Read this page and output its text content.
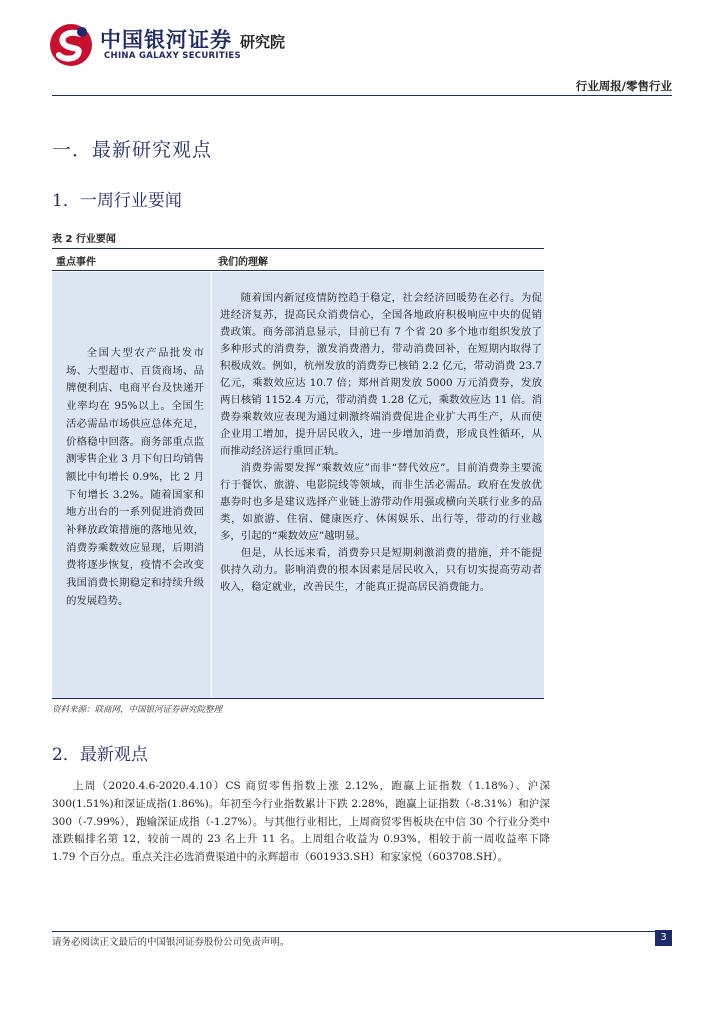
中国银河证券
CHINA GALAXY SECURITIES
研究院
行业周报/零售行业
一．最新研究观点
1．一周行业要闻
表 2 行业要闻
重点事件	我们的理解

全国大型农产品批发市场、大型超市、百货商场、品牌便利店、电商平台及快递开业率均在 95%以上。全国生活必需品市场供应总体充足，价格稳中回落。商务部重点监测零售企业 3 月下旬日均销售额比中旬增长 0.9%，比 2 月下旬增长 3.2%。随着国家和地方出台的一系列促进消费回补释放政策措施的落地见效，消费券乘数效应显现，后期消费将逐步恢复，疫情不会改变我国消费长期稳定和持续升级的发展趋势。

随着国内新冠疫情防控趋于稳定，社会经济回暖势在必行。为促进经济复苏，提高民众消费信心，全国各地政府积极响应中央的促销费政策。商务部消息显示，目前已有 7 个省 20 多个地市组织发放了多种形式的消费券，激发消费潜力，带动消费回补，在短期内取得了积极成效。例如，杭州发放的消费券已核销 2.2 亿元，带动消费 23.7 亿元，乘数效应达 10.7 倍；郑州首期发放 5000 万元消费券，发放两日核销 1152.4 万元，带动消费 1.28 亿元，乘数效应达 11 倍。消费券乘数效应表现为通过刺激终端消费促进企业扩大再生产，从而使企业用工增加，提升居民收入，进一步增加消费，形成良性循环，从而推动经济运行重回正轨。

消费券需要发挥“乘数效应”而非“替代效应”。目前消费券主要流行于餐饮、旅游、电影院线等领域，而非生活必需品。政府在发放优惠券时也多是建议选择产业链上游带动作用强或横向关联行业多的品类，如旅游、住宿、健康医疗、休闲娱乐、出行等，带动的行业越多，引起的“乘数效应”越明显。

但是，从长远来看，消费券只是短期刺激消费的措施，并不能提供持久动力。影响消费的根本因素是居民收入，只有切实提高劳动者收入，稳定就业，改善民生，才能真正提高居民消费能力。

资料来源：联商网，中国银河证券研究院整理
2．最新观点

上周（2020.4.6-2020.4.10）CS 商贸零售指数上涨 2.12%，跑赢上证指数（1.18%）、沪深 300(1.51%)和深证成指(1.86%)。年初至今行业指数累计下跌 2.28%，跑赢上证指数（-8.31%）和沪深 300（-7.99%），跑输深证成指（-1.27%）。与其他行业相比，上周商贸零售板块在中信 30 个行业分类中涨跌幅排名第 12，较前一周的 23 名上升 11 名。上周组合收益为 0.93%，相较于前一周收益率下降 1.79 个百分点。重点关注必选消费渠道中的永辉超市（601933.SH）和家家悦（603708.SH）。

请务必阅读正文最后的中国银河证券股份公司免责声明。	3
